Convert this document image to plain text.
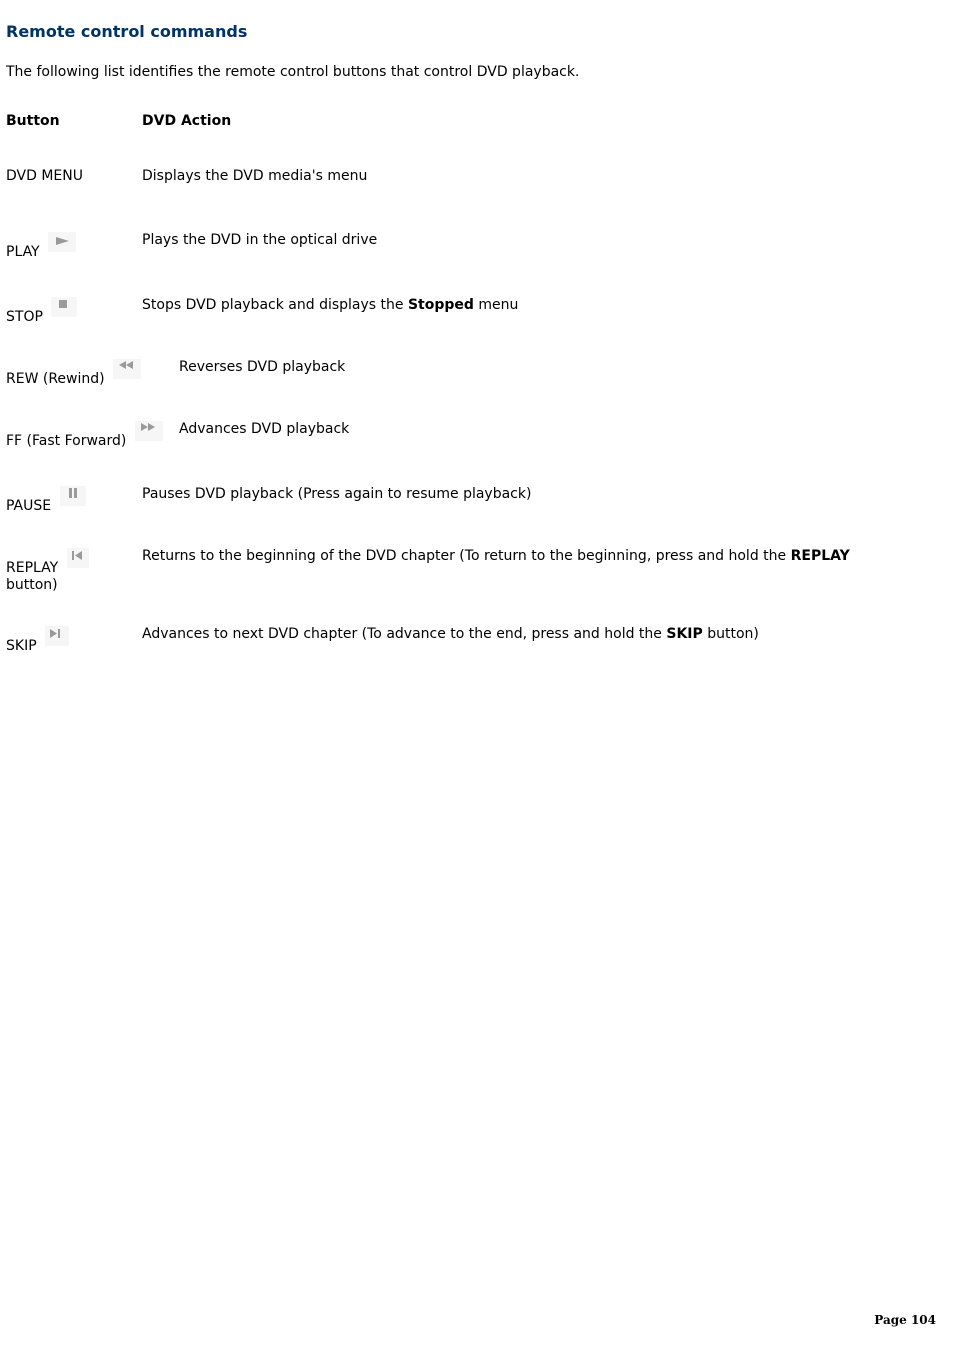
Remote control commands

The following list identifies the remote control buttons that control DVD playback.

Button	DVD Action
DVD MENU	Displays the DVD media's menu
PLAY
Plays the DVD in the optical drive
STOP
Stops DVD playback and displays the Stopped menu
REW (Rewind)
Reverses DVD playback
FF (Fast Forward)
Advances DVD playback
PAUSE
Pauses DVD playback (Press again to resume playback)
REPLAY

button)
Returns to the beginning of the DVD chapter (To return to the beginning, press and hold the REPLAY
SKIP
Advances to next DVD chapter (To advance to the end, press and hold the SKIP button)
Page 104
